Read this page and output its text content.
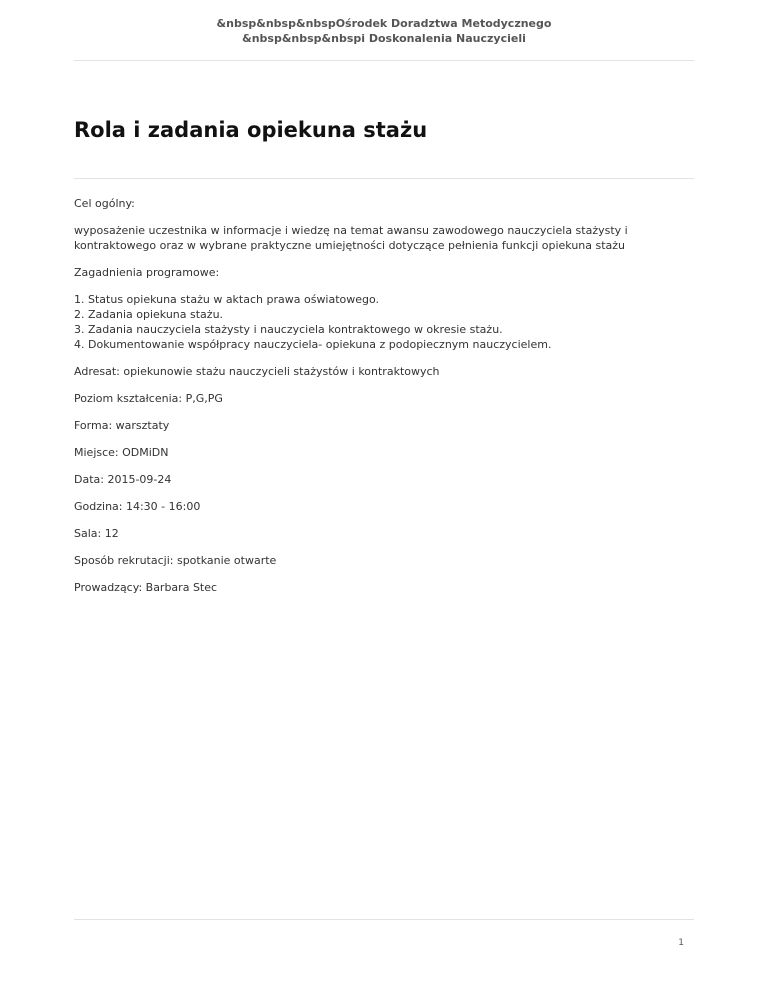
&nbsp&nbsp&nbspOśrodek Doradztwa Metodycznego
&nbsp&nbsp&nbspi Doskonalenia Nauczycieli
Rola i zadania opiekuna stażu

Cel ogólny:

wyposażenie uczestnika w informacje i wiedzę na temat awansu zawodowego nauczyciela stażysty i kontraktowego oraz w wybrane praktyczne umiejętności dotyczące pełnienia funkcji opiekuna stażu

Zagadnienia programowe:

1. Status opiekuna stażu w aktach prawa oświatowego.
2. Zadania opiekuna stażu.
3. Zadania nauczyciela stażysty i nauczyciela kontraktowego w okresie stażu.
4. Dokumentowanie współpracy nauczyciela- opiekuna z podopiecznym nauczycielem.

Adresat: opiekunowie stażu nauczycieli stażystów i kontraktowych

Poziom kształcenia: P,G,PG

Forma: warsztaty

Miejsce: ODMiDN

Data: 2015-09-24

Godzina: 14:30 - 16:00

Sala: 12

Sposób rekrutacji: spotkanie otwarte

Prowadzący: Barbara Stec

1
